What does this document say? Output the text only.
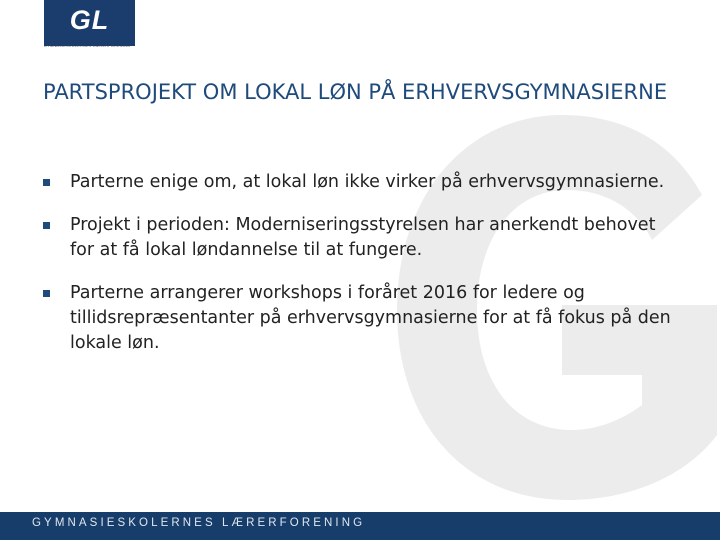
GL
GYMNASIESKOLERNES LÆRERFORENING
PARTSPROJEKT OM LOKAL LØN PÅ ERHVERVSGYMNASIERNE
Parterne enige om, at lokal løn ikke virker på erhvervsgymnasierne.
Projekt i perioden: Moderniseringsstyrelsen har anerkendt behovet for at få lokal løndannelse til at fungere.
Parterne arrangerer workshops i foråret 2016 for ledere og tillidsrepræsentanter på erhvervsgymnasierne for at få fokus på den lokale løn.
GYMNASIESKOLERNES LÆRERFORENING
